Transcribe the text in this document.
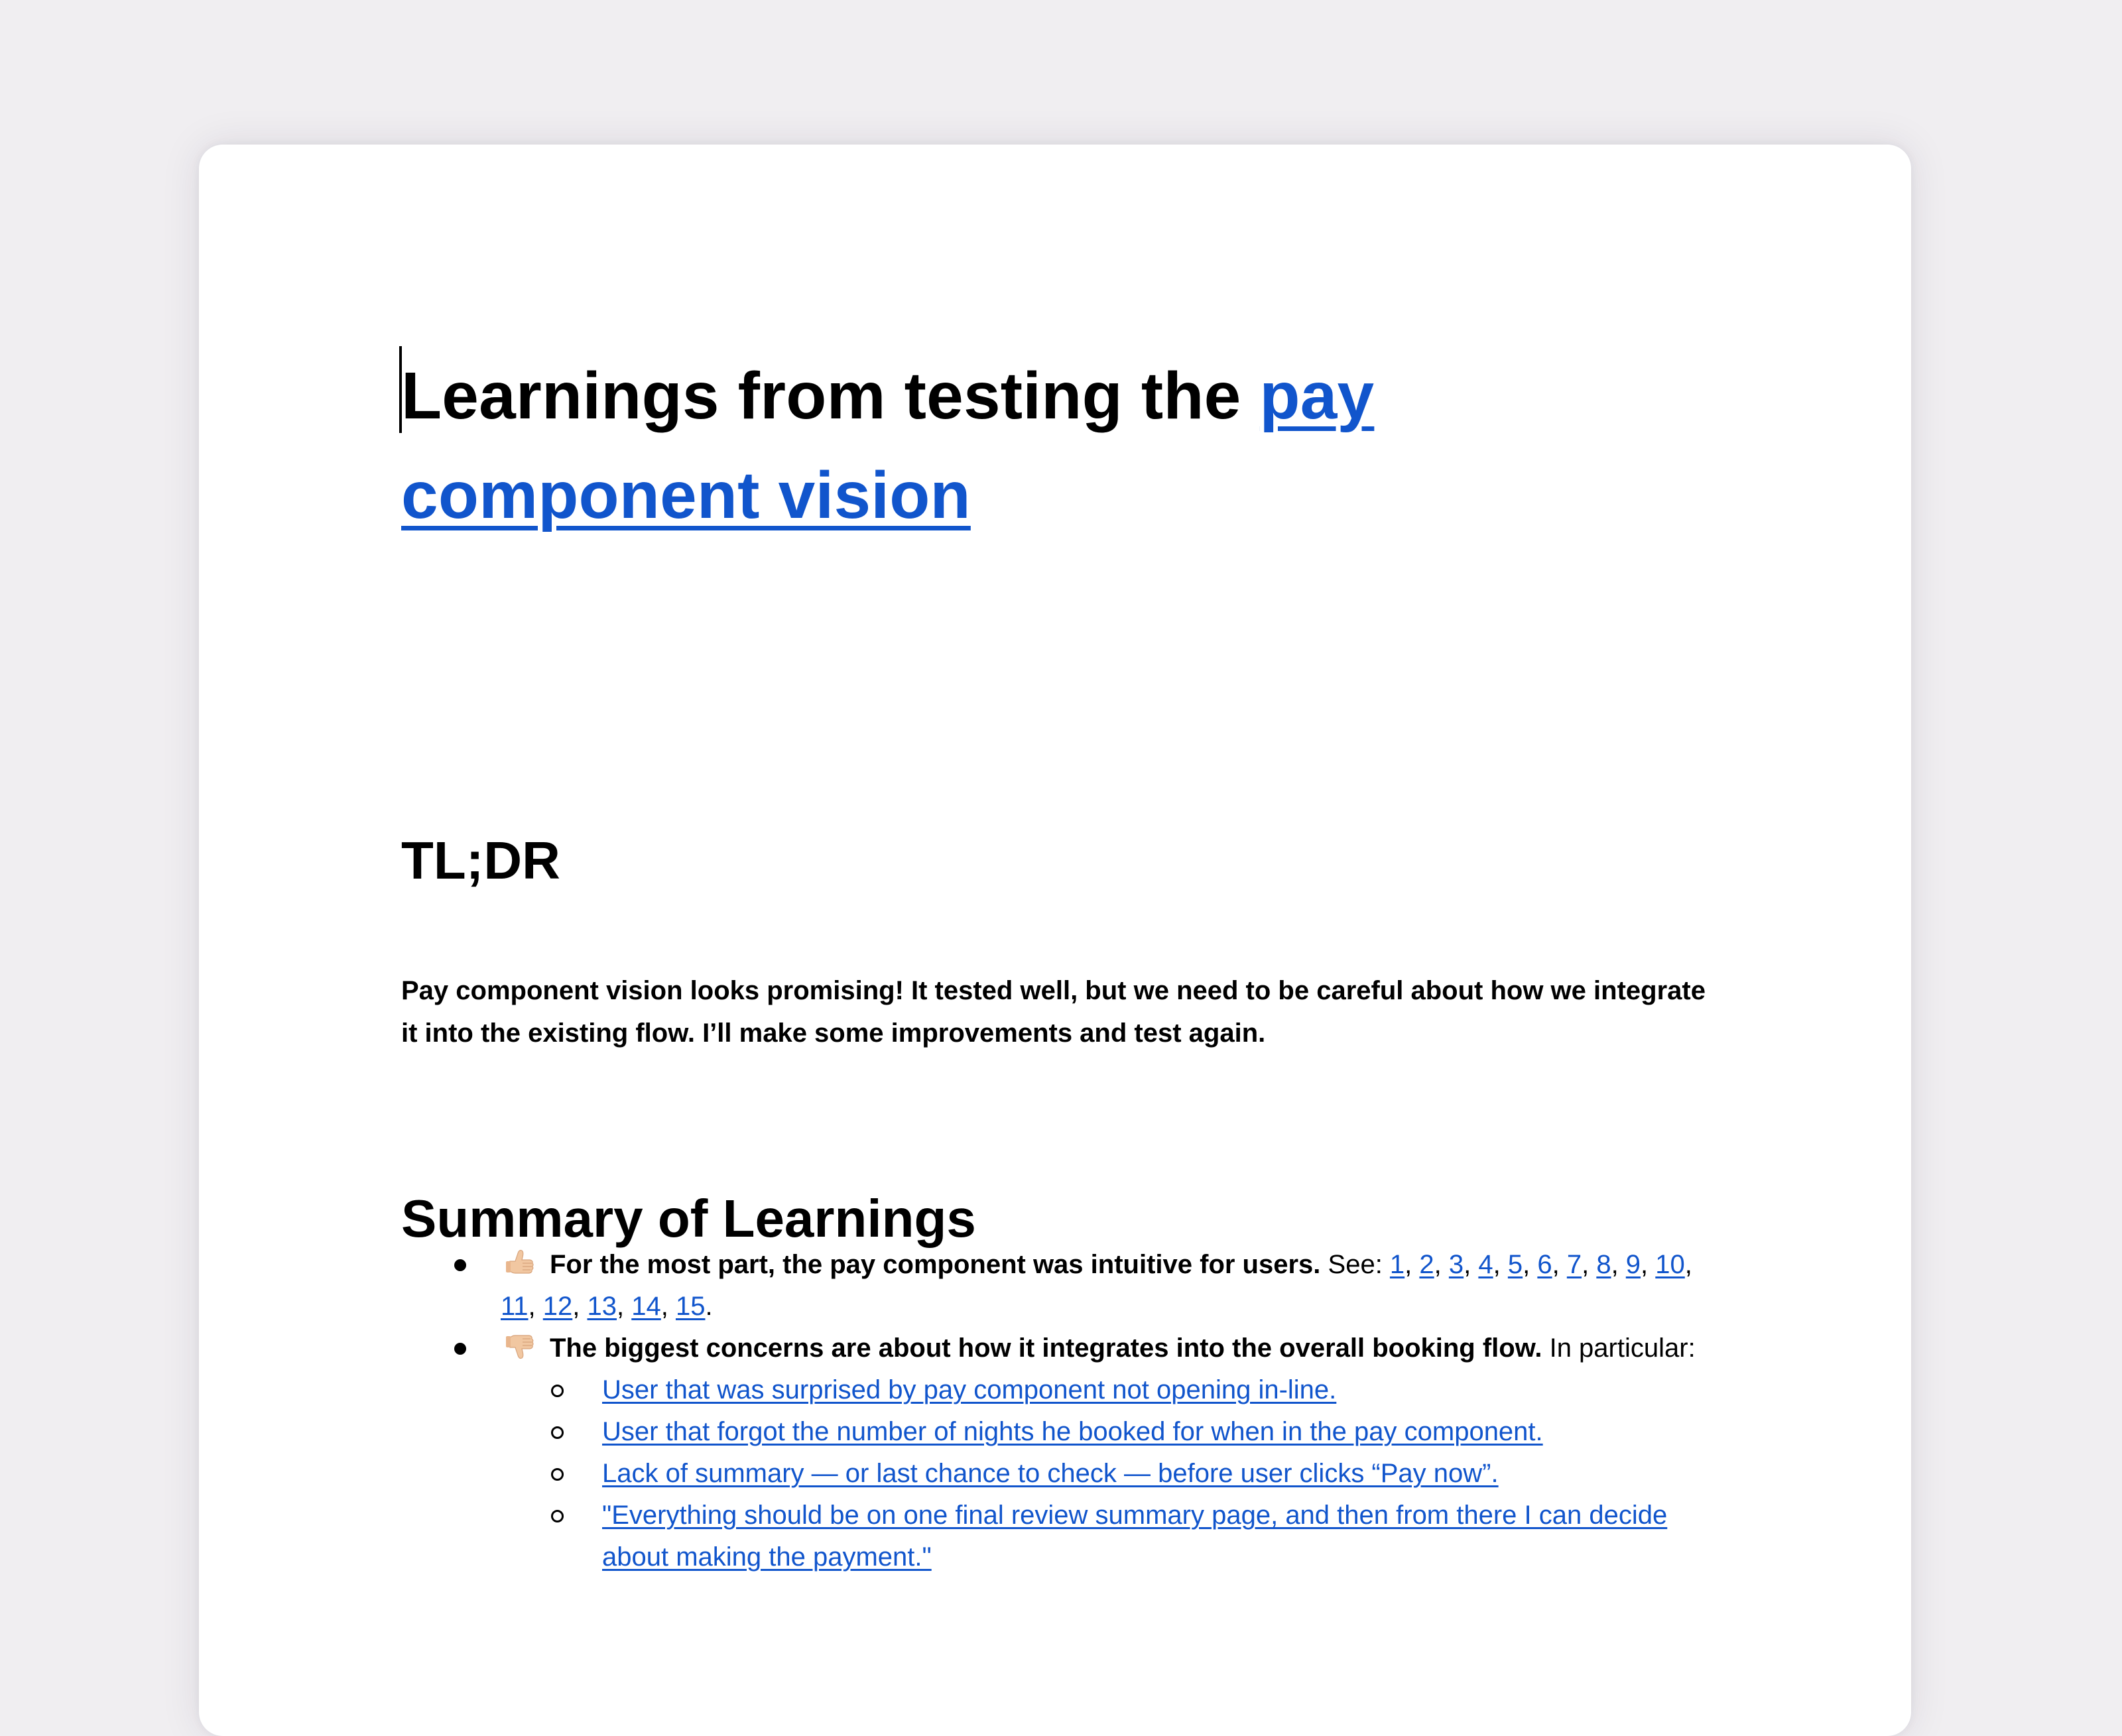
Learnings from testing the pay component vision
TL;DR

Pay component vision looks promising! It tested well, but we need to be careful about how we integrate it into the existing flow. I’ll make some improvements and test again.

Summary of Learnings
For the most part, the pay component was intuitive for users. See: 1, 2, 3, 4, 5, 6, 7, 8, 9, 10, 11, 12, 13, 14, 15.
The biggest concerns are about how it integrates into the overall booking flow. In particular:
User that was surprised by pay component not opening in-line.
User that forgot the number of nights he booked for when in the pay component.
Lack of summary — or last chance to check — before user clicks “Pay now”.
"Everything should be on one final review summary page, and then from there I can decide about making the payment."
